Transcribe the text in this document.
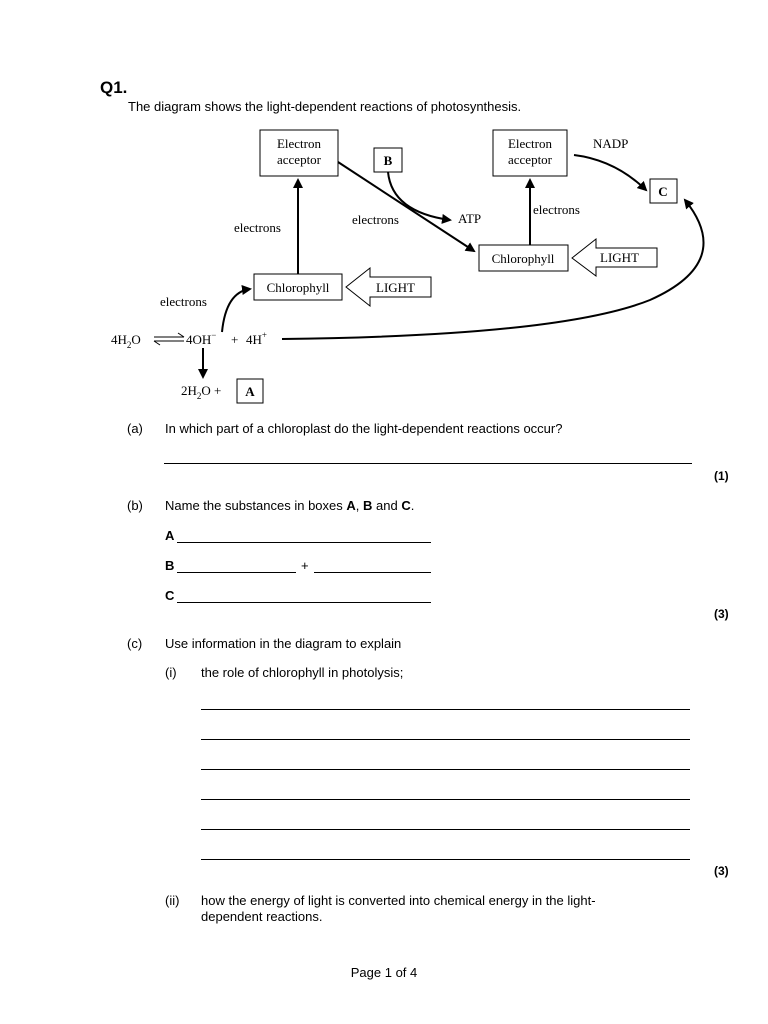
Q1.
The diagram shows the light-dependent reactions of photosynthesis.
Electron
acceptor	B
Electron
acceptor
NADP
C
Chlorophyll	LIGHT
Chlorophyll	LIGHT
electrons
electrons
electrons
electrons
ATP
$4H_2O$	4OH− + 4H+
$2H_2O + A$
(a) In which part of a chloroplast do the light-dependent reactions occur?
(1)
(b) Name the substances in boxes A, B and C.
A
B	+
C
(3)
(c) Use information in the diagram to explain
(i) the role of chlorophyll in photolysis;
(3)
(ii) how the energy of light is converted into chemical energy in the light-
dependent reactions.
Page 1 of 4
